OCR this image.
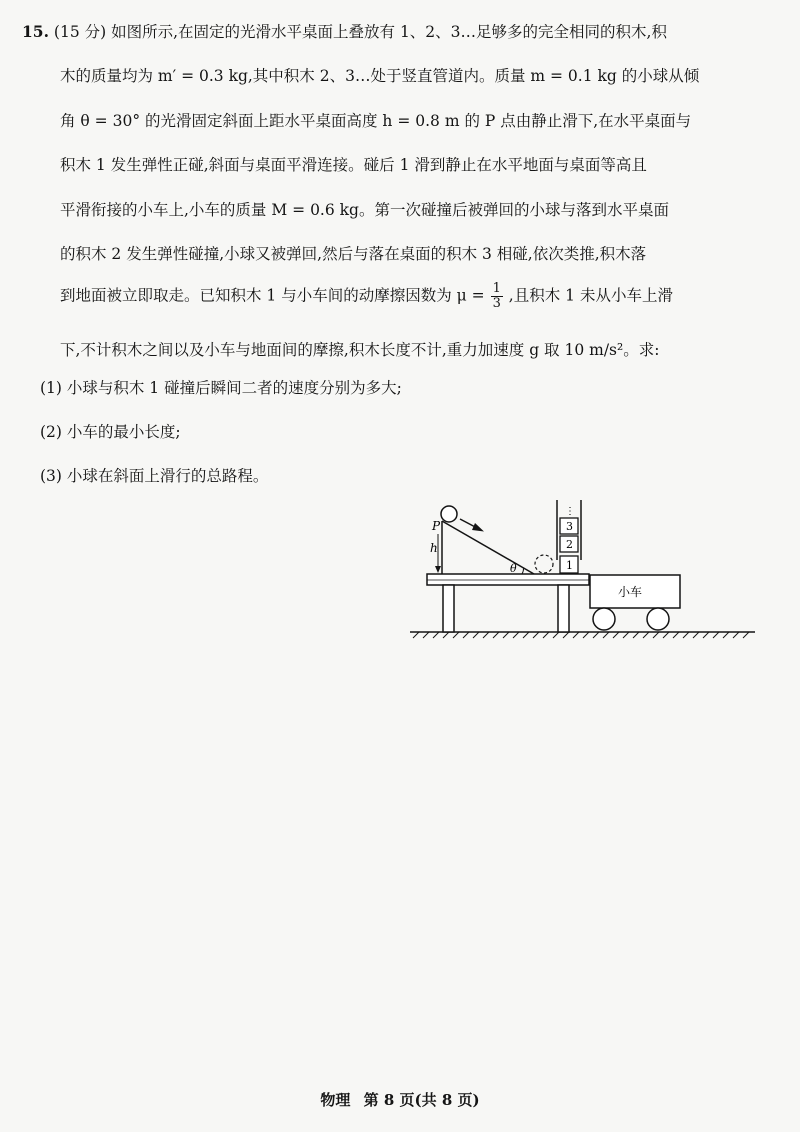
15. (15 分) 如图所示,在固定的光滑水平桌面上叠放有 1、2、3…足够多的完全相同的积木,积
木的质量均为 m′ = 0.3 kg,其中积木 2、3…处于竖直管道内。质量 m = 0.1 kg 的小球从倾
角 θ = 30° 的光滑固定斜面上距水平桌面高度 h = 0.8 m 的 P 点由静止滑下,在水平桌面与
积木 1 发生弹性正碰,斜面与桌面平滑连接。碰后 1 滑到静止在水平地面与桌面等高且
平滑衔接的小车上,小车的质量 M = 0.6 kg。第一次碰撞后被弹回的小球与落到水平桌面
的积木 2 发生弹性碰撞,小球又被弹回,然后与落在桌面的积木 3 相碰,依次类推,积木落
到地面被立即取走。已知积木 1 与小车间的动摩擦因数为 $\mu = \frac{1}{3}$ ,且积木 1 未从小车上滑
下,不计积木之间以及小车与地面间的摩擦,积木长度不计,重力加速度 g 取 10 m/s²。求:
(1) 小球与积木 1 碰撞后瞬间二者的速度分别为多大;
(2) 小车的最小长度;
(3) 小球在斜面上滑行的总路程。
θ
P
h
⋮
3
2
1
小车
物理 第 8 页(共 8 页)
